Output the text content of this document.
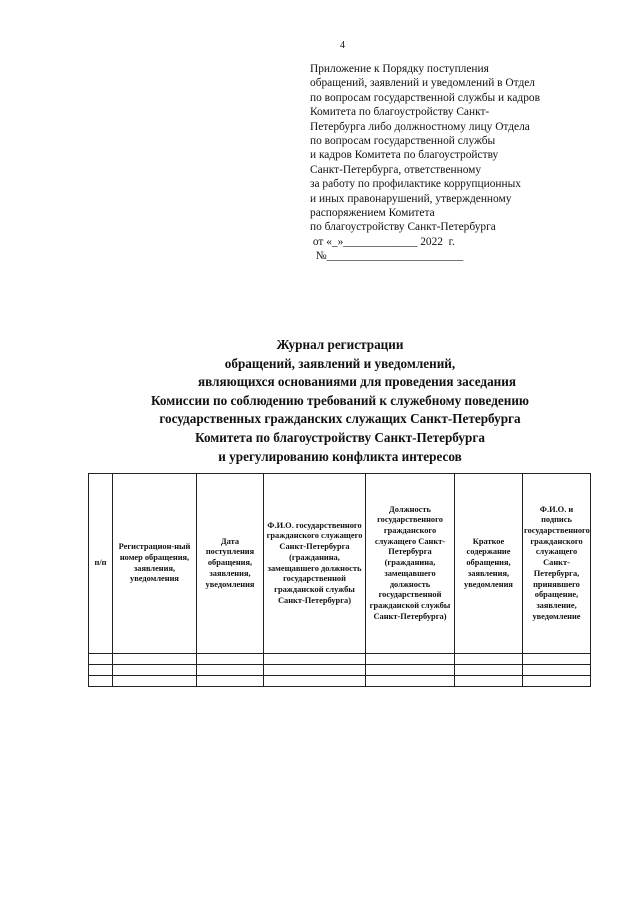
4
Приложение к Порядку поступления
обращений, заявлений и уведомлений в Отдел
по вопросам государственной службы и кадров
Комитета по благоустройству Санкт-
Петербурга либо должностному лицу Отдела
по вопросам государственной службы
и кадров Комитета по благоустройству
Санкт-Петербурга, ответственному
за работу по профилактике коррупционных
и иных правонарушений, утвержденному
распоряжением Комитета
по благоустройству Санкт-Петербурга
от «_»_____________ 2022  г.
№________________________
Журнал регистрации
обращений, заявлений и уведомлений,
являющихся основаниями для проведения заседания
Комиссии по соблюдению требований к служебному поведению
государственных гражданских служащих Санкт-Петербурга
Комитета по благоустройству Санкт-Петербурга
и урегулированию конфликта интересов
п/п	Регистрацион-ный номер обращения, заявления, уведомления	Дата поступления обращения, заявления, уведомления	Ф.И.О. государственного гражданского служащего Санкт-Петербурга (гражданина, замещавшего должность государственной гражданской службы Санкт-Петербурга)	Должность государственного гражданского служащего Санкт-Петербурга (гражданина, замещавшего должность государственной гражданской службы Санкт-Петербурга)	Краткое содержание обращения, заявления, уведомления	Ф.И.О. и подпись государственного гражданского служащего Санкт-Петербурга, принявшего обращение, заявление, уведомление
